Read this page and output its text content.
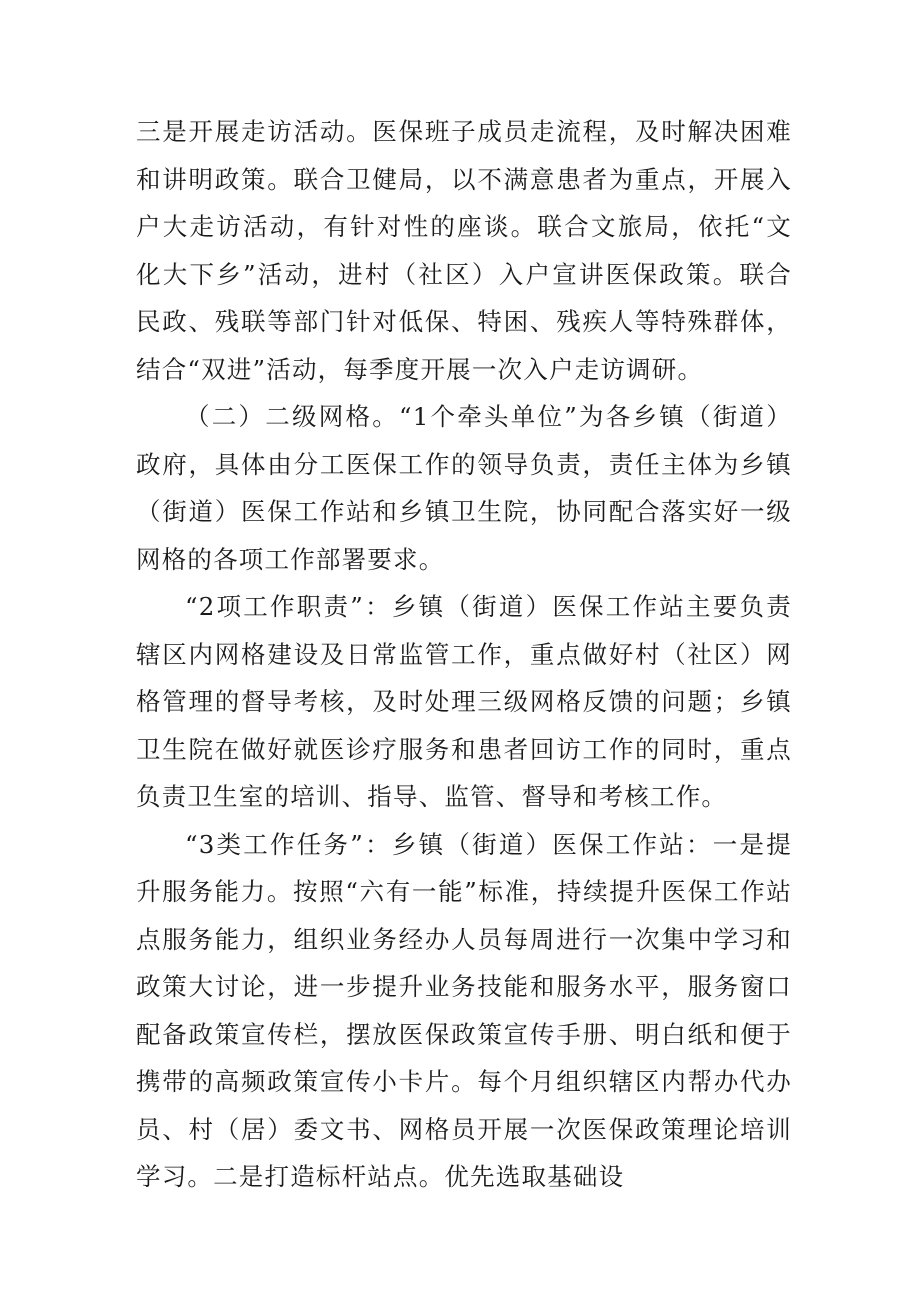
三是开展走访活动。医保班子成员走流程，及时解决困难和讲明政策。联合卫健局，以不满意患者为重点，开展入户大走访活动，有针对性的座谈。联合文旅局，依托“文化大下乡”活动，进村（社区）入户宣讲医保政策。联合民政、残联等部门针对低保、特困、残疾人等特殊群体，结合“双进”活动，每季度开展一次入户走访调研。

（二）二级网格。“1个牵头单位”为各乡镇（街道）政府，具体由分工医保工作的领导负责，责任主体为乡镇（街道）医保工作站和乡镇卫生院，协同配合落实好一级网格的各项工作部署要求。

“2项工作职责”：乡镇（街道）医保工作站主要负责辖区内网格建设及日常监管工作，重点做好村（社区）网格管理的督导考核，及时处理三级网格反馈的问题；乡镇卫生院在做好就医诊疗服务和患者回访工作的同时，重点负责卫生室的培训、指导、监管、督导和考核工作。

“3类工作任务”：乡镇（街道）医保工作站：一是提升服务能力。按照“六有一能”标准，持续提升医保工作站点服务能力，组织业务经办人员每周进行一次集中学习和政策大讨论，进一步提升业务技能和服务水平，服务窗口配备政策宣传栏，摆放医保政策宣传手册、明白纸和便于携带的高频政策宣传小卡片。每个月组织辖区内帮办代办员、村（居）委文书、网格员开展一次医保政策理论培训学习。二是打造标杆站点。优先选取基础设
